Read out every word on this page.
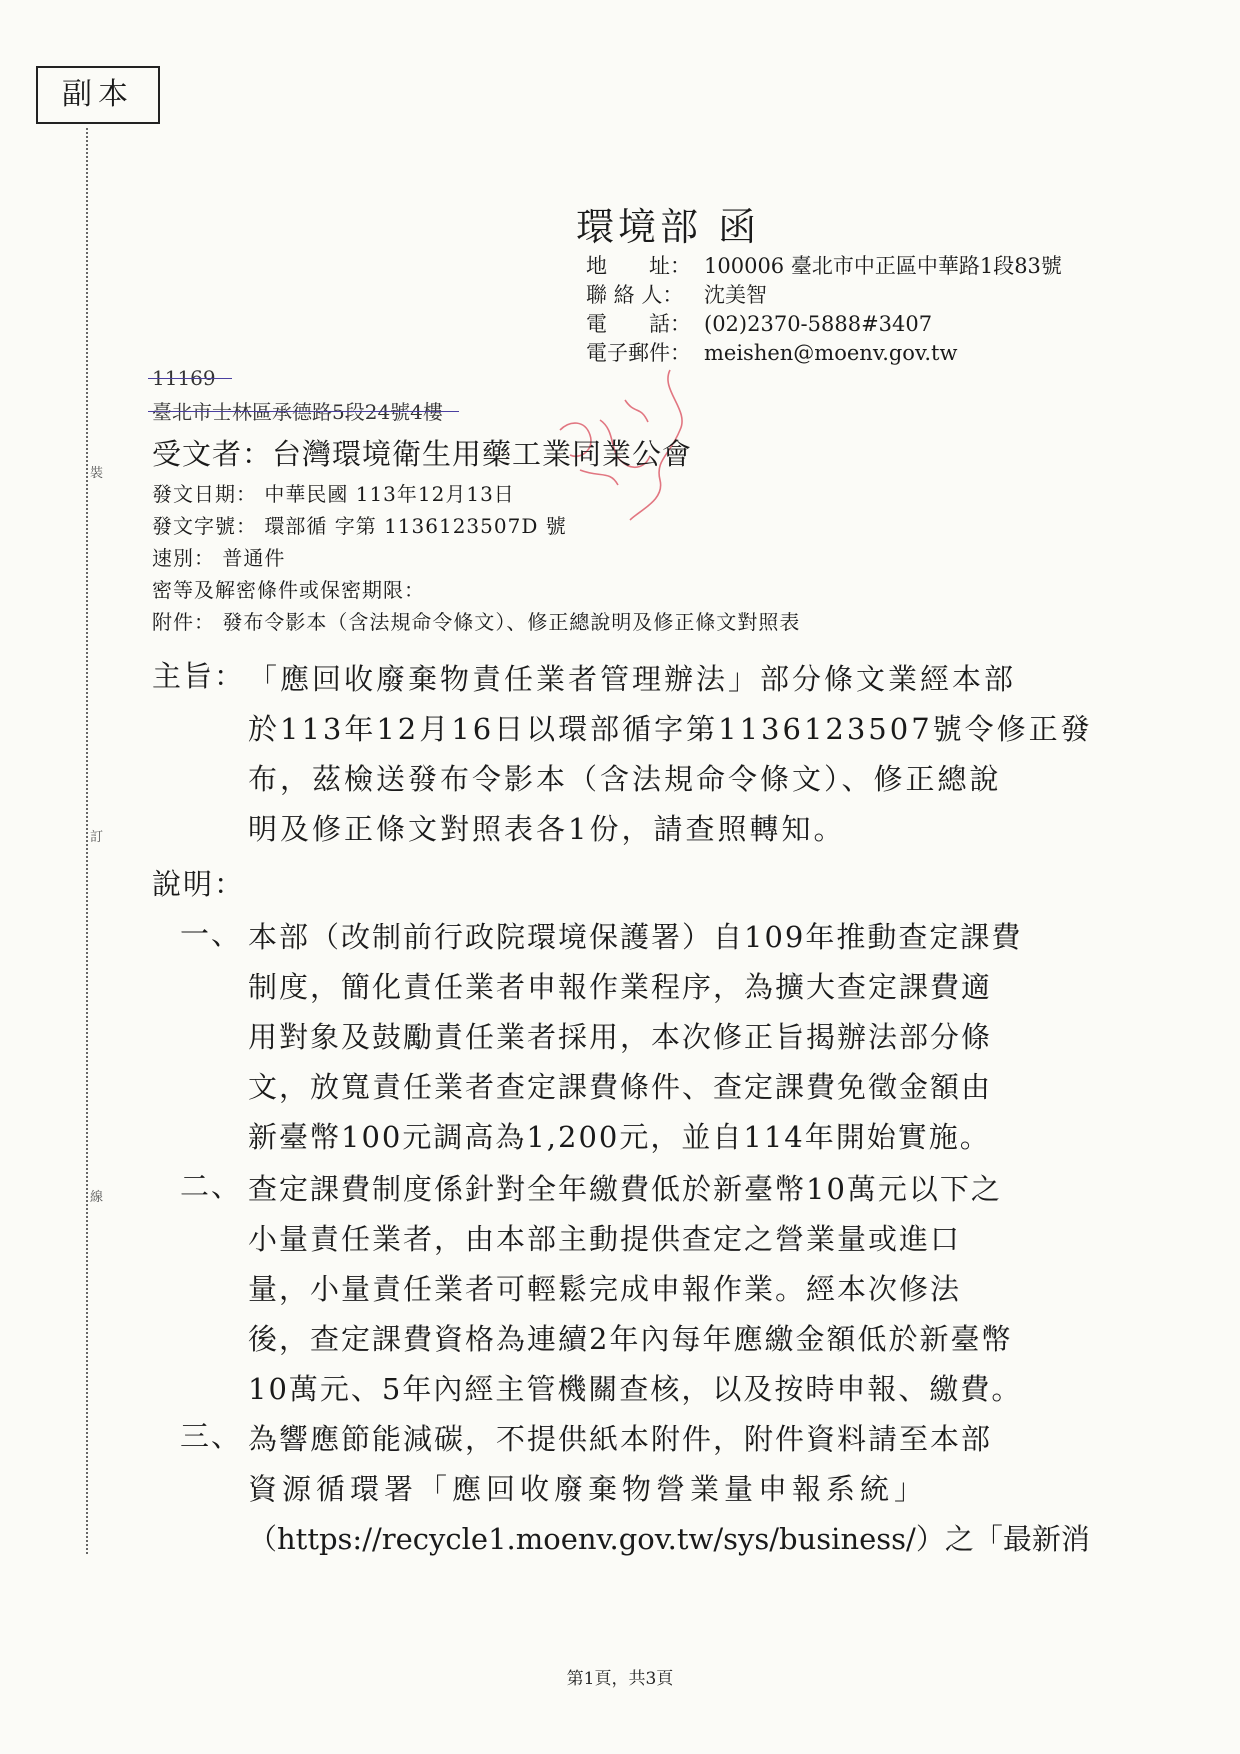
副本
裝
訂
線
環境部 函
地　　址： 100006 臺北市中正區中華路1段83號
聯 絡 人： 沈美智
電　　話： (02)2370-5888#3407
電子郵件： meishen@moenv.gov.tw
11169
臺北市士林區承德路5段24號4樓
受文者：台灣環境衛生用藥工業同業公會
發文日期： 中華民國 113年12月13日
發文字號： 環部循 字第 1136123507D 號
速別： 普通件
密等及解密條件或保密期限：
附件： 發布令影本（含法規命令條文）、修正總說明及修正條文對照表
主旨： 「應回收廢棄物責任業者管理辦法」部分條文業經本部
於113年12月16日以環部循字第1136123507號令修正發
布，茲檢送發布令影本（含法規命令條文）、修正總說
明及修正條文對照表各1份，請查照轉知。
說明：
一、 本部（改制前行政院環境保護署）自109年推動查定課費
制度，簡化責任業者申報作業程序，為擴大查定課費適
用對象及鼓勵責任業者採用，本次修正旨揭辦法部分條
文，放寬責任業者查定課費條件、查定課費免徵金額由
新臺幣100元調高為1,200元，並自114年開始實施。
二、 查定課費制度係針對全年繳費低於新臺幣10萬元以下之
小量責任業者，由本部主動提供查定之營業量或進口
量，小量責任業者可輕鬆完成申報作業。經本次修法
後，查定課費資格為連續2年內每年應繳金額低於新臺幣
10萬元、5年內經主管機關查核，以及按時申報、繳費。
三、 為響應節能減碳，不提供紙本附件，附件資料請至本部
資源循環署「應回收廢棄物營業量申報系統」
（https://recycle1.moenv.gov.tw/sys/business/）之「最新消
第1頁，共3頁
